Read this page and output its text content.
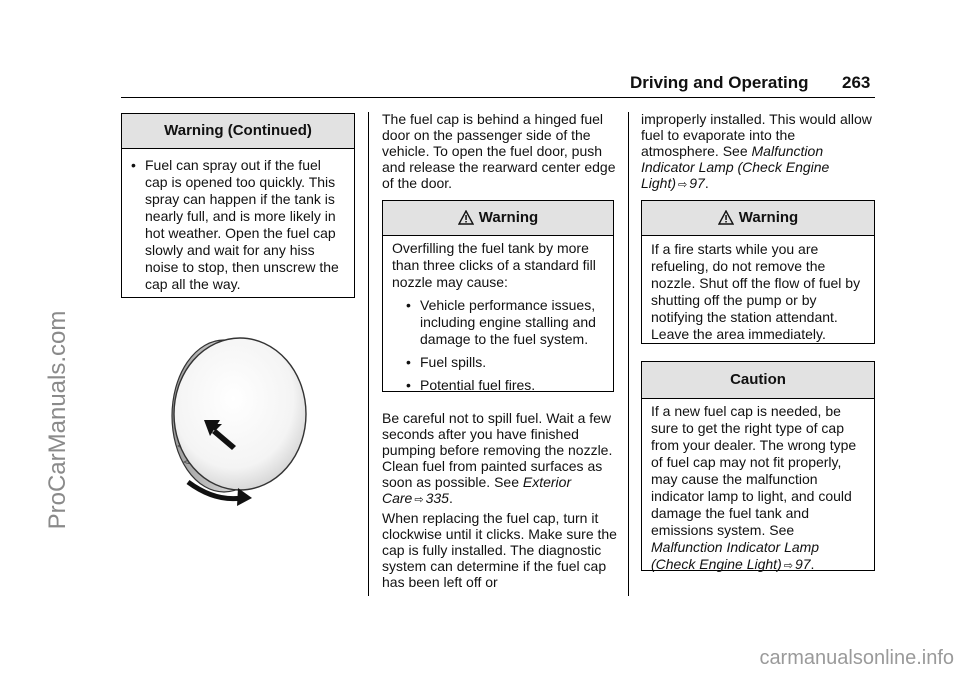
Driving and Operating 263
ProCarManuals.com
carmanualsonline.info
Warning (Continued)
• Fuel can spray out if the fuel cap is opened too quickly. This spray can happen if the tank is nearly full, and is more likely in hot weather. Open the fuel cap slowly and wait for any hiss noise to stop, then unscrew the cap all the way.
The fuel cap is behind a hinged fuel door on the passenger side of the vehicle. To open the fuel door, push and release the rearward center edge of the door.
Warning
Overfilling the fuel tank by more than three clicks of a standard fill nozzle may cause:
• Vehicle performance issues, including engine stalling and damage to the fuel system.
• Fuel spills.
• Potential fuel fires.
Be careful not to spill fuel. Wait a few seconds after you have finished pumping before removing the nozzle. Clean fuel from painted surfaces as soon as possible. See Exterior Care ⇨ 335.
When replacing the fuel cap, turn it clockwise until it clicks. Make sure the cap is fully installed. The diagnostic system can determine if the fuel cap has been left off or
improperly installed. This would allow fuel to evaporate into the atmosphere. See Malfunction Indicator Lamp (Check Engine Light) ⇨ 97.
Warning
If a fire starts while you are refueling, do not remove the nozzle. Shut off the flow of fuel by shutting off the pump or by notifying the station attendant. Leave the area immediately.
Caution
If a new fuel cap is needed, be sure to get the right type of cap from your dealer. The wrong type of fuel cap may not fit properly, may cause the malfunction indicator lamp to light, and could damage the fuel tank and emissions system. See Malfunction Indicator Lamp (Check Engine Light) ⇨ 97.
